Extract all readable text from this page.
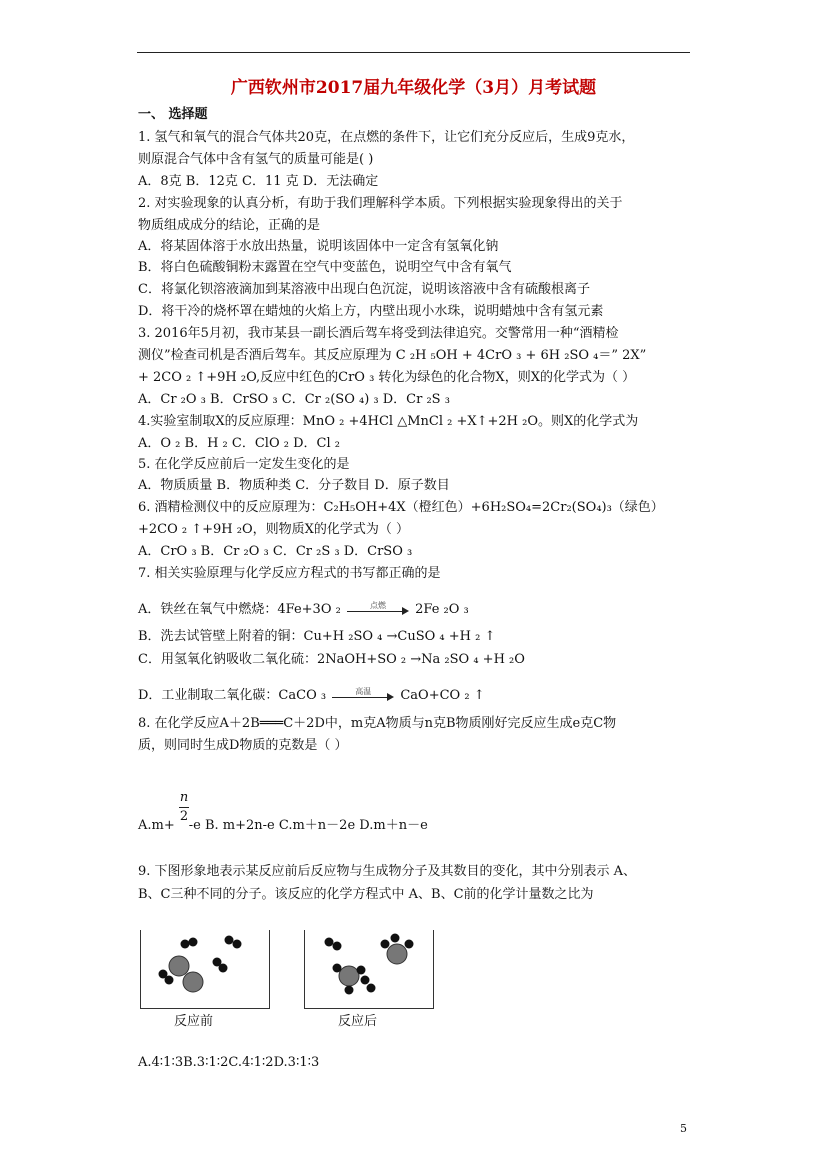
广西钦州市2017届九年级化学（3月）月考试题
一、 选择题
1. 氢气和氧气的混合气体共20克，在点燃的条件下，让它们充分反应后，生成9克水，
则原混合气体中含有氢气的质量可能是( )
A．8克 B．12克 C．11 克 D．无法确定
2. 对实验现象的认真分析，有助于我们理解科学本质。下列根据实验现象得出的关于
物质组成成分的结论，正确的是
A．将某固体溶于水放出热量，说明该固体中一定含有氢氧化钠
B．将白色硫酸铜粉末露置在空气中变蓝色，说明空气中含有氧气
C．将氯化钡溶液滴加到某溶液中出现白色沉淀，说明该溶液中含有硫酸根离子
D．将干冷的烧杯罩在蜡烛的火焰上方，内壁出现小水珠，说明蜡烛中含有氢元素
3. 2016年5月初，我市某县一副长酒后驾车将受到法律追究。交警常用一种“酒精检
测仪”检查司机是否酒后驾车。其反应原理为 C ₂H ₅OH + 4CrO ₃ + 6H ₂SO ₄＝” 2X”
+ 2CO ₂ ↑+9H ₂O,反应中红色的CrO ₃ 转化为绿色的化合物X，则X的化学式为（ ）
A．Cr ₂O ₃ B．CrSO ₃ C．Cr ₂(SO ₄) ₃ D．Cr ₂S ₃
4.实验室制取X的反应原理：MnO ₂ +4HCl △MnCl ₂ +X↑+2H ₂O。则X的化学式为
A．O ₂ B．H ₂ C．ClO ₂ D．Cl ₂
5. 在化学反应前后一定发生变化的是
A．物质质量 B．物质种类 C．分子数目 D．原子数目
6. 酒精检测仪中的反应原理为：C₂H₅OH+4X（橙红色）+6H₂SO₄=2Cr₂(SO₄)₃（绿色）
+2CO ₂ ↑+9H ₂O，则物质X的化学式为（ ）
A．CrO ₃ B．Cr ₂O ₃ C．Cr ₂S ₃ D．CrSO ₃
7. 相关实验原理与化学反应方程式的书写都正确的是
A．铁丝在氧气中燃烧：4Fe+3O ₂	点燃	2Fe ₂O ₃
B．洗去试管壁上附着的铜：Cu+H ₂SO ₄ →CuSO ₄ +H ₂ ↑
C．用氢氧化钠吸收二氧化硫：2NaOH+SO ₂ →Na ₂SO ₄ +H ₂O
D．工业制取二氧化碳：CaCO ₃	高温	CaO+CO ₂ ↑
8. 在化学反应A＋2B═══C＋2D中，m克A物质与n克B物质刚好完反应生成e克C物
质，则同时生成D物质的克数是（ ）
n
2
A.m+ -e B. m+2n-e C.m＋n－2e D.m＋n－e
9. 下图形象地表示某反应前后反应物与生成物分子及其数目的变化，其中分别表示 A、
B、C三种不同的分子。该反应的化学方程式中 A、B、C前的化学计量数之比为
反应前	反应后
A.4∶1∶3B.3∶1∶2C.4∶1∶2D.3∶1∶3
5
